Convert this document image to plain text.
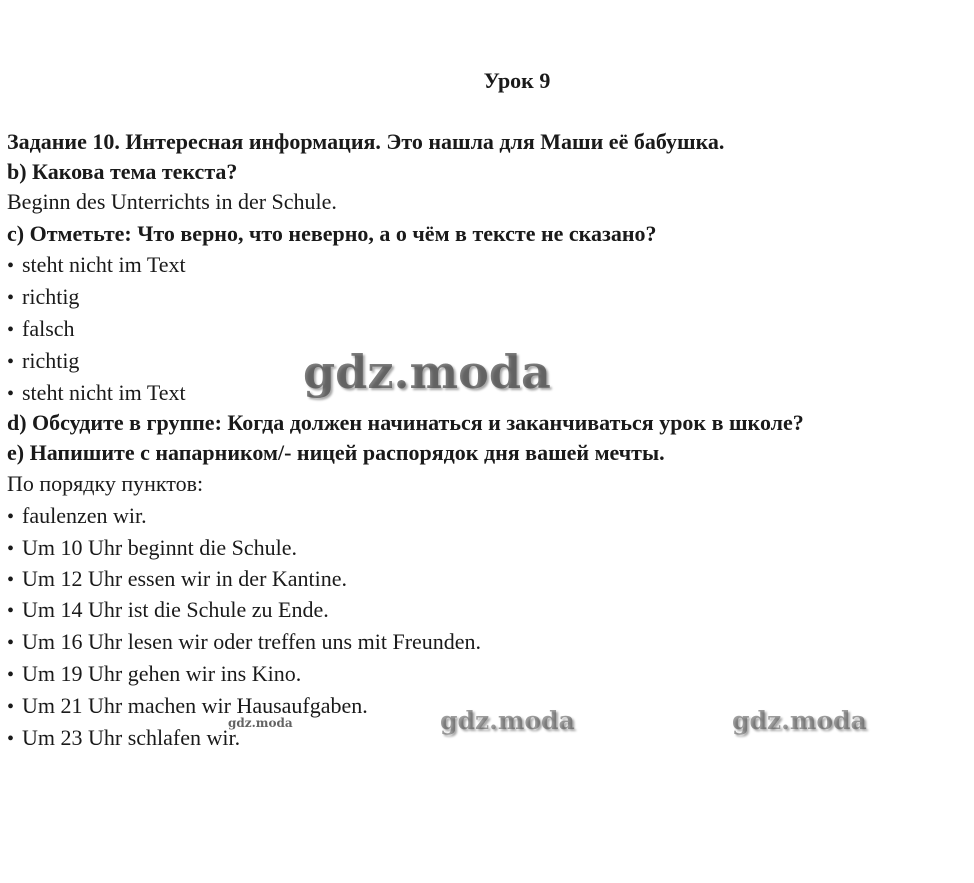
Урок 9
Задание 10. Интересная информация. Это нашла для Маши её бабушка.
b) Какова тема текста?
Beginn des Unterrichts in der Schule.
c) Отметьте: Что верно, что неверно, а о чём в тексте не сказано?
• steht nicht im Text
• richtig
• falsch
• richtig
• steht nicht im Text
d) Обсудите в группе: Когда должен начинаться и заканчиваться урок в школе?
e) Напишите с напарником/- ницей распорядок дня вашей мечты.
По порядку пунктов:
• faulenzen wir.
• Um 10 Uhr beginnt die Schule.
• Um 12 Uhr essen wir in der Kantine.
• Um 14 Uhr ist die Schule zu Ende.
• Um 16 Uhr lesen wir oder treffen uns mit Freunden.
• Um 19 Uhr gehen wir ins Kino.
• Um 21 Uhr machen wir Hausaufgaben.
• Um 23 Uhr schlafen wir.
gdz.moda
gdz.moda	gdz.moda	gdz.moda
